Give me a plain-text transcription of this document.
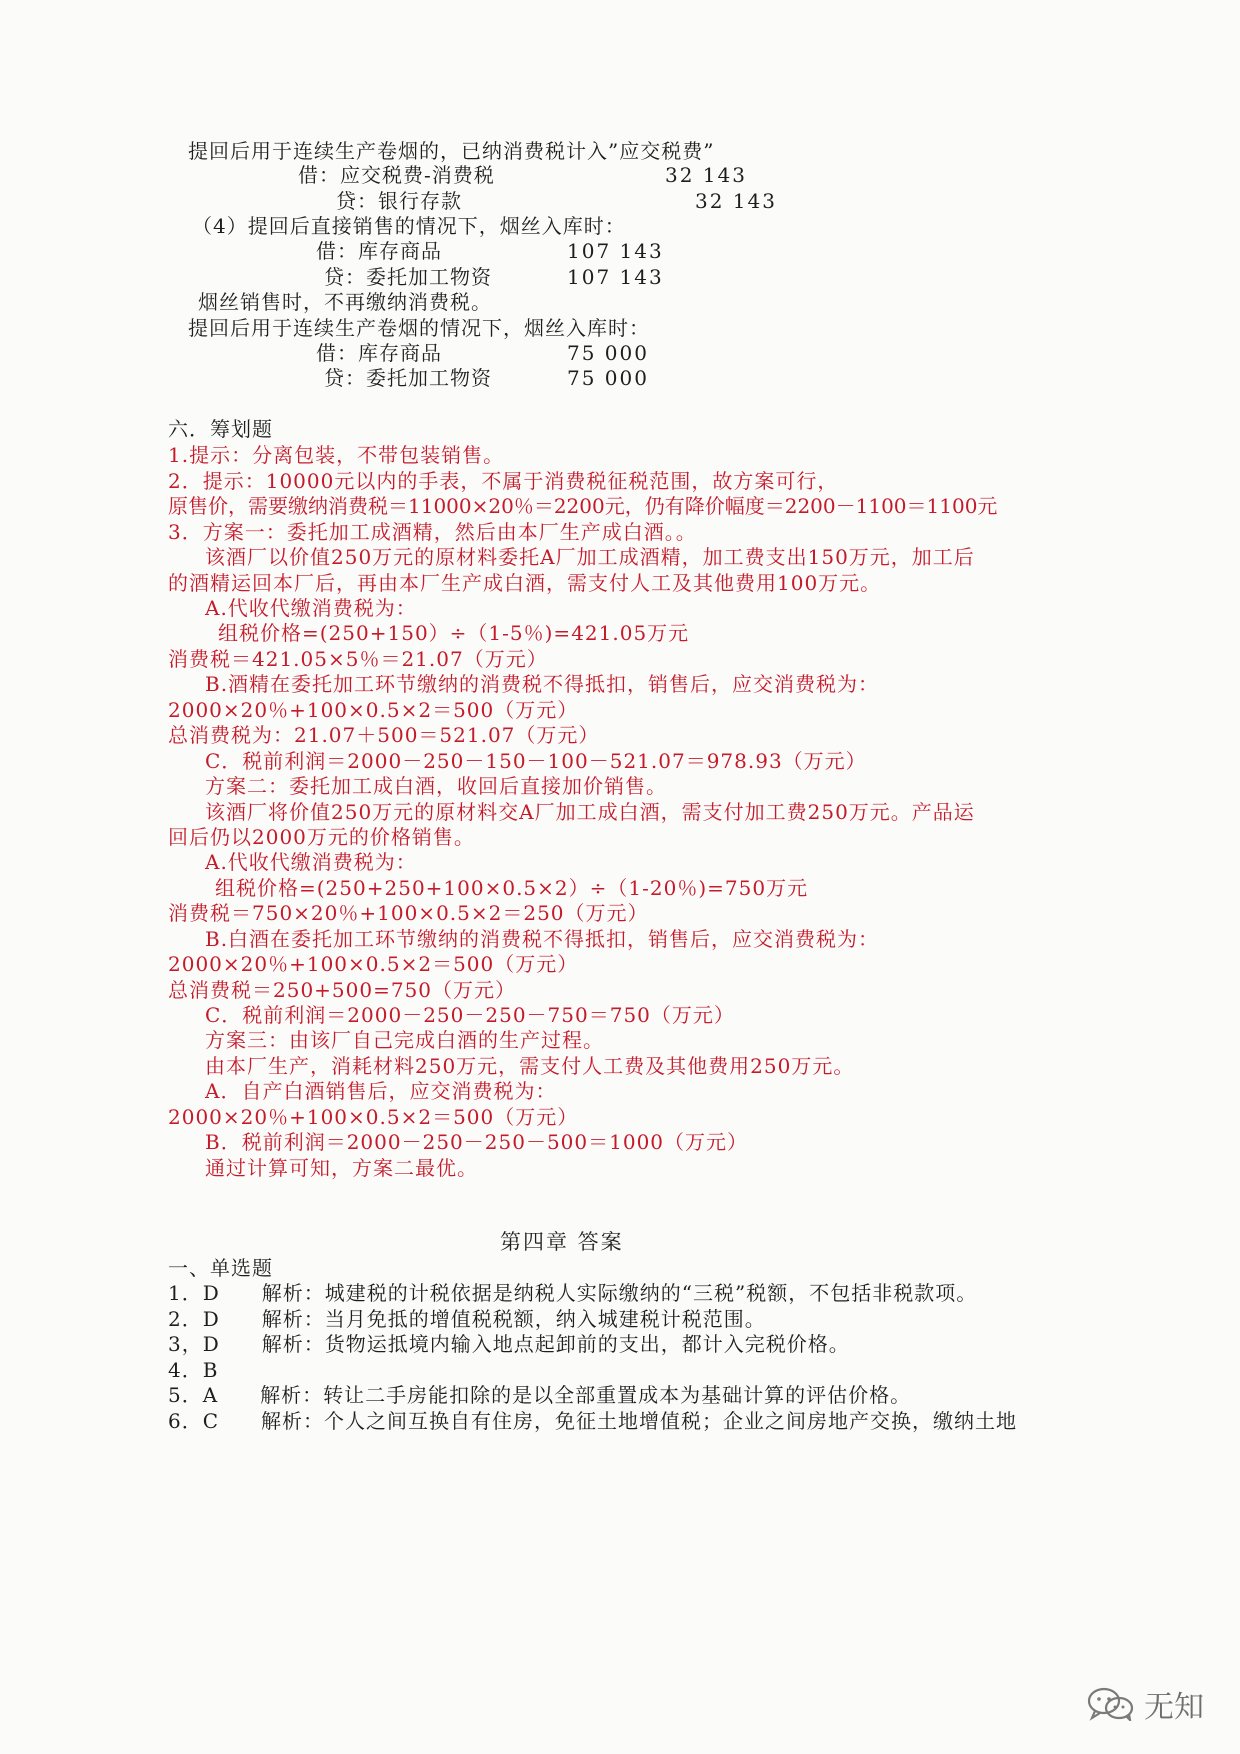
提回后用于连续生产卷烟的，已纳消费税计入”应交税费”
借：应交税费-消费税	32 143
贷：银行存款	32 143
（4）提回后直接销售的情况下，烟丝入库时：
借：库存商品	107 143
贷：委托加工物资	107 143
烟丝销售时，不再缴纳消费税。
提回后用于连续生产卷烟的情况下，烟丝入库时：
借：库存商品	75 000
贷：委托加工物资	75 000
六．筹划题
1.提示：分离包装，不带包装销售。
2．提示：10000元以内的手表，不属于消费税征税范围，故方案可行，
原售价，需要缴纳消费税＝11000×20％＝2200元，仍有降价幅度＝2200－1100＝1100元
3．方案一：委托加工成酒精，然后由本厂生产成白酒。。
该酒厂以价值250万元的原材料委托A厂加工成酒精，加工费支出150万元，加工后
的酒精运回本厂后，再由本厂生产成白酒，需支付人工及其他费用100万元。
A.代收代缴消费税为：
组税价格=(250+150）÷（1-5％)=421.05万元
消费税＝421.05×5％＝21.07（万元）
B.酒精在委托加工环节缴纳的消费税不得抵扣，销售后，应交消费税为：
2000×20％+100×0.5×2＝500（万元）
总消费税为：21.07＋500＝521.07（万元）
C．税前利润＝2000－250－150－100－521.07＝978.93（万元）
方案二：委托加工成白酒，收回后直接加价销售。
该酒厂将价值250万元的原材料交A厂加工成白酒，需支付加工费250万元。产品运
回后仍以2000万元的价格销售。
A.代收代缴消费税为：
组税价格=(250+250+100×0.5×2）÷（1-20％)=750万元
消费税＝750×20％+100×0.5×2＝250（万元）
B.白酒在委托加工环节缴纳的消费税不得抵扣，销售后，应交消费税为：
2000×20％+100×0.5×2＝500（万元）
总消费税＝250+500=750（万元）
C．税前利润＝2000－250－250－750＝750（万元）
方案三：由该厂自己完成白酒的生产过程。
由本厂生产，消耗材料250万元，需支付人工费及其他费用250万元。
A．自产白酒销售后，应交消费税为：
2000×20％+100×0.5×2＝500（万元）
B．税前利润＝2000－250－250－500＝1000（万元）
通过计算可知，方案二最优。
第四章 答案
一、单选题
1．D　　解析：城建税的计税依据是纳税人实际缴纳的“三税”税额，不包括非税款项。
2．D　　解析：当月免抵的增值税税额，纳入城建税计税范围。
3，D　　解析：货物运抵境内输入地点起卸前的支出，都计入完税价格。
4．B
5．A　　解析：转让二手房能扣除的是以全部重置成本为基础计算的评估价格。
6．C　　解析：个人之间互换自有住房，免征土地增值税；企业之间房地产交换，缴纳土地
无知
